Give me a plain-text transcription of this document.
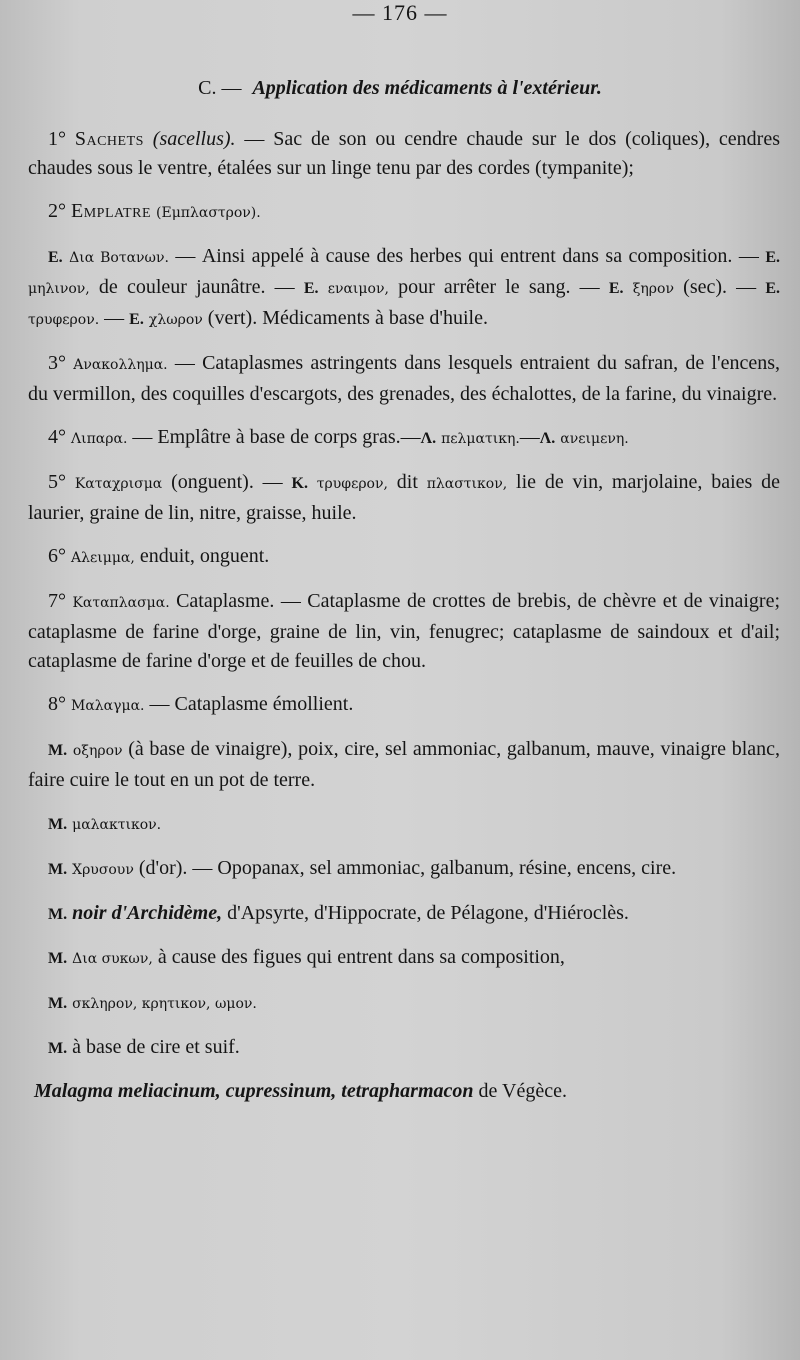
— 176 —
C. — Application des médicaments à l'extérieur.

1° Sachets (sacellus). — Sac de son ou cendre chaude sur le dos (coliques), cendres chaudes sous le ventre, étalées sur un linge tenu par des cordes (tympanite);

2° Emplatre (Εμπλαστρον).

E. Δια Βοτανων. — Ainsi appelé à cause des herbes qui entrent dans sa composition. — E. μηλινον, de couleur jaunâtre. — E. εναιμον, pour arrêter le sang. — E. ξηρον (sec). — E. τρυφερον. — E. χλωρον (vert). Médicaments à base d'huile.

3° Ανακολλημα. — Cataplasmes astringents dans lesquels entraient du safran, de l'encens, du vermillon, des coquilles d'escargots, des grenades, des échalottes, de la farine, du vinaigre.

4° Λιπαρα. — Emplâtre à base de corps gras.—Λ. πελματικη.—Λ. ανειμενη.

5° Καταχρισμα (onguent). — K. τρυφερον, dit πλαστικον, lie de vin, marjolaine, baies de laurier, graine de lin, nitre, graisse, huile.

6° Αλειμμα, enduit, onguent.

7° Καταπλασμα. Cataplasme. — Cataplasme de crottes de brebis, de chèvre et de vinaigre; cataplasme de farine d'orge, graine de lin, vin, fenugrec; cataplasme de saindoux et d'ail; cataplasme de farine d'orge et de feuilles de chou.

8° Μαλαγμα. — Cataplasme émollient.

M. οξηρον (à base de vinaigre), poix, cire, sel ammoniac, galbanum, mauve, vinaigre blanc, faire cuire le tout en un pot de terre.

M. μαλακτικον.

M. Χρυσουν (d'or). — Opopanax, sel ammoniac, galbanum, résine, encens, cire.

M. noir d'Archidème, d'Apsyrte, d'Hippocrate, de Pélagone, d'Hiéroclès.

M. Δια συκων, à cause des figues qui entrent dans sa composition,

M. σκληρον, κρητικον, ωμον.

M. à base de cire et suif.

Malagma meliacinum, cupressinum, tetrapharmacon de Végèce.
